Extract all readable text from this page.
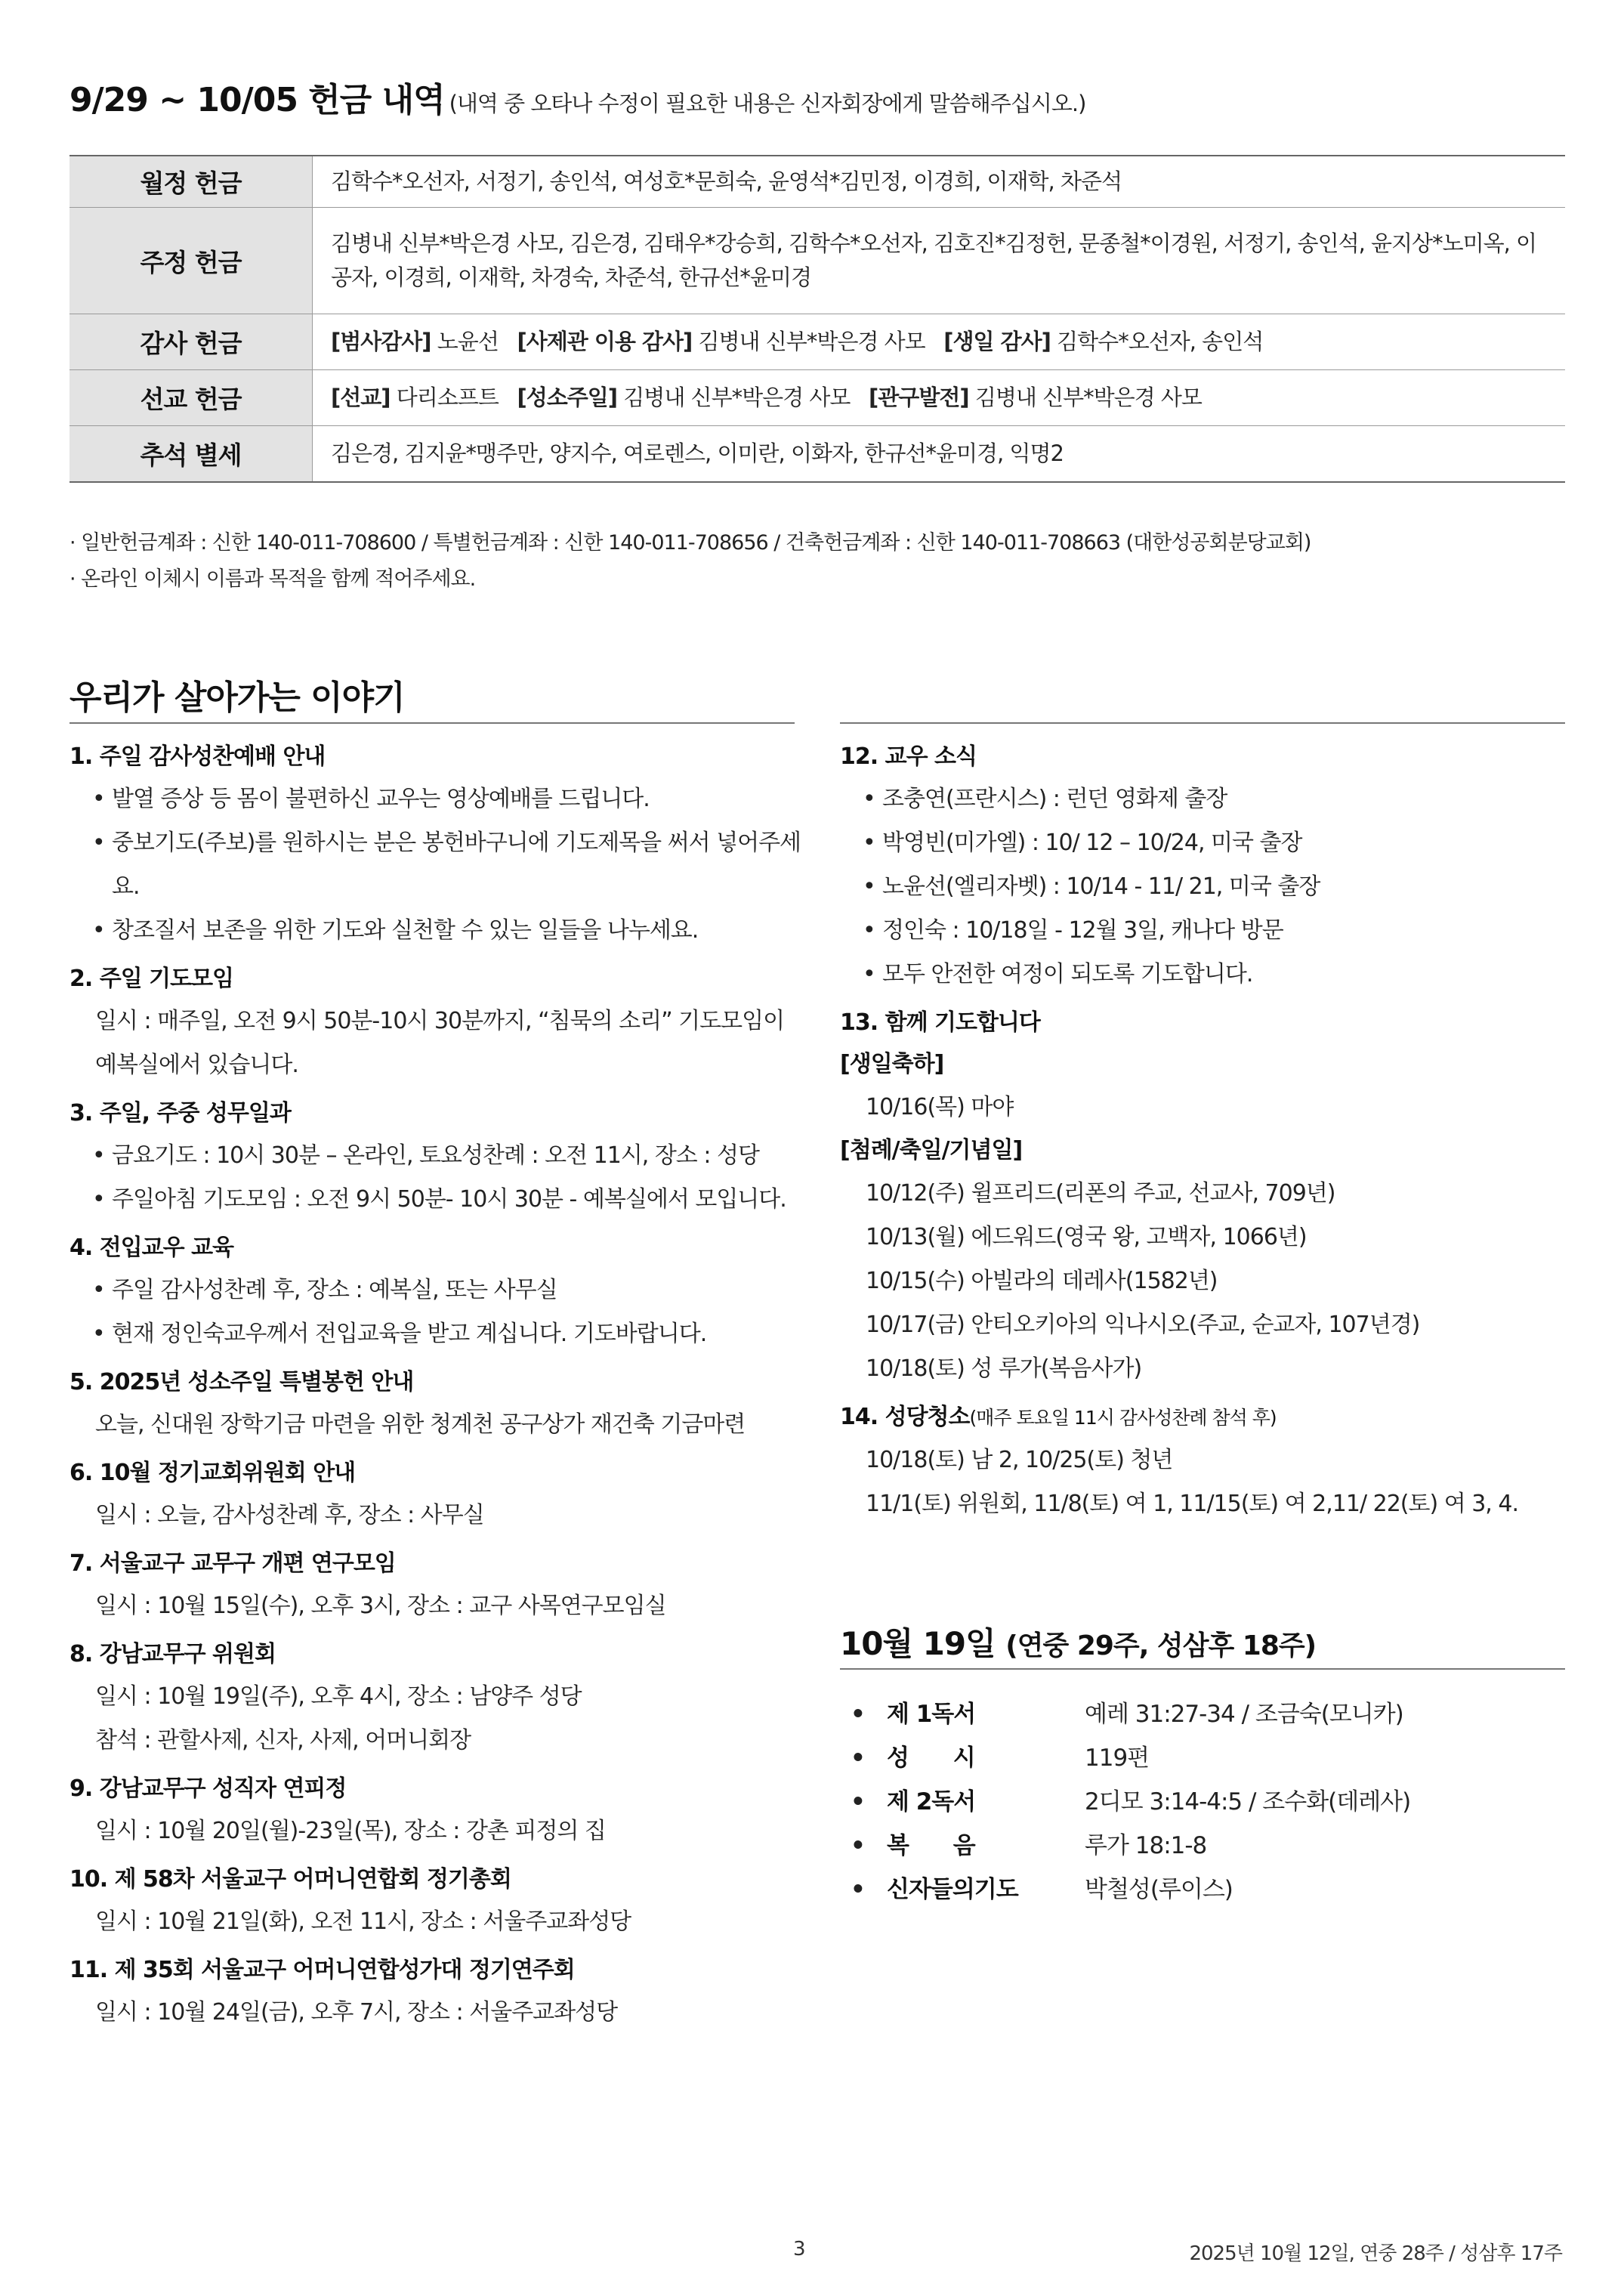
9/29 ~ 10/05 헌금 내역 (내역 중 오타나 수정이 필요한 내용은 신자회장에게 말씀해주십시오.)
월정 헌금	김학수*오선자, 서정기, 송인석, 여성호*문희숙, 윤영석*김민정, 이경희, 이재학, 차준석
주정 헌금	김병내 신부*박은경 사모, 김은경, 김태우*강승희, 김학수*오선자, 김호진*김정헌, 문종철*이경원, 서정기, 송인석, 윤지상*노미옥, 이공자, 이경희, 이재학, 차경숙, 차준석, 한규선*윤미경
감사 헌금	[범사감사] 노윤선 [사제관 이용 감사] 김병내 신부*박은경 사모 [생일 감사] 김학수*오선자, 송인석
선교 헌금	[선교] 다리소프트 [성소주일] 김병내 신부*박은경 사모 [관구발전] 김병내 신부*박은경 사모
추석 별세	김은경, 김지윤*맹주만, 양지수, 여로렌스, 이미란, 이화자, 한규선*윤미경, 익명2
· 일반헌금계좌 : 신한 140-011-708600 / 특별헌금계좌 : 신한 140-011-708656 / 건축헌금계좌 : 신한 140-011-708663 (대한성공회분당교회)
· 온라인 이체시 이름과 목적을 함께 적어주세요.
우리가 살아가는 이야기
1. 주일 감사성찬예배 안내
• 발열 증상 등 몸이 불편하신 교우는 영상예배를 드립니다.
• 중보기도(주보)를 원하시는 분은 봉헌바구니에 기도제목을 써서 넣어주세요.
• 창조질서 보존을 위한 기도와 실천할 수 있는 일들을 나누세요.
2. 주일 기도모임
일시 : 매주일, 오전 9시 50분-10시 30분까지, “침묵의 소리” 기도모임이 예복실에서 있습니다.
3. 주일, 주중 성무일과
• 금요기도 : 10시 30분 – 온라인, 토요성찬례 : 오전 11시, 장소 : 성당
• 주일아침 기도모임 : 오전 9시 50분- 10시 30분 - 예복실에서 모입니다.
4. 전입교우 교육
• 주일 감사성찬례 후, 장소 : 예복실, 또는 사무실
• 현재 정인숙교우께서 전입교육을 받고 계십니다. 기도바랍니다.
5. 2025년 성소주일 특별봉헌 안내
오늘, 신대원 장학기금 마련을 위한 청계천 공구상가 재건축 기금마련
6. 10월 정기교회위원회 안내
일시 : 오늘, 감사성찬례 후, 장소 : 사무실
7. 서울교구 교무구 개편 연구모임
일시 : 10월 15일(수), 오후 3시, 장소 : 교구 사목연구모임실
8. 강남교무구 위원회
일시 : 10월 19일(주), 오후 4시, 장소 : 남양주 성당
참석 : 관할사제, 신자, 사제, 어머니회장
9. 강남교무구 성직자 연피정
일시 : 10월 20일(월)-23일(목), 장소 : 강촌 피정의 집
10. 제 58차 서울교구 어머니연합회 정기총회
일시 : 10월 21일(화), 오전 11시, 장소 : 서울주교좌성당
11. 제 35회 서울교구 어머니연합성가대 정기연주회
일시 : 10월 24일(금), 오후 7시, 장소 : 서울주교좌성당
12. 교우 소식
• 조충연(프란시스) : 런던 영화제 출장
• 박영빈(미가엘) : 10/ 12 – 10/24, 미국 출장
• 노윤선(엘리자벳) : 10/14 - 11/ 21, 미국 출장
• 정인숙 : 10/18일 - 12월 3일, 캐나다 방문
• 모두 안전한 여정이 되도록 기도합니다.
13. 함께 기도합니다
[생일축하]
10/16(목) 마야
[첨례/축일/기념일]
10/12(주) 윌프리드(리폰의 주교, 선교사, 709년)
10/13(월) 에드워드(영국 왕, 고백자, 1066년)
10/15(수) 아빌라의 데레사(1582년)
10/17(금) 안티오키아의 익나시오(주교, 순교자, 107년경)
10/18(토) 성 루가(복음사가)
14. 성당청소(매주 토요일 11시 감사성찬례 참석 후)
10/18(토) 남 2, 10/25(토) 청년
11/1(토) 위원회, 11/8(토) 여 1, 11/15(토) 여 2,11/ 22(토) 여 3, 4.
10월 19일 (연중 29주, 성삼후 18주)
• 제 1독서	예레 31:27-34 / 조금숙(모니카)
• 성      시	119편
• 제 2독서	2디모 3:14-4:5 / 조수화(데레사)
• 복      음	루가 18:1-8
• 신자들의기도	박철성(루이스)
3	2025년 10월 12일, 연중 28주 / 성삼후 17주
